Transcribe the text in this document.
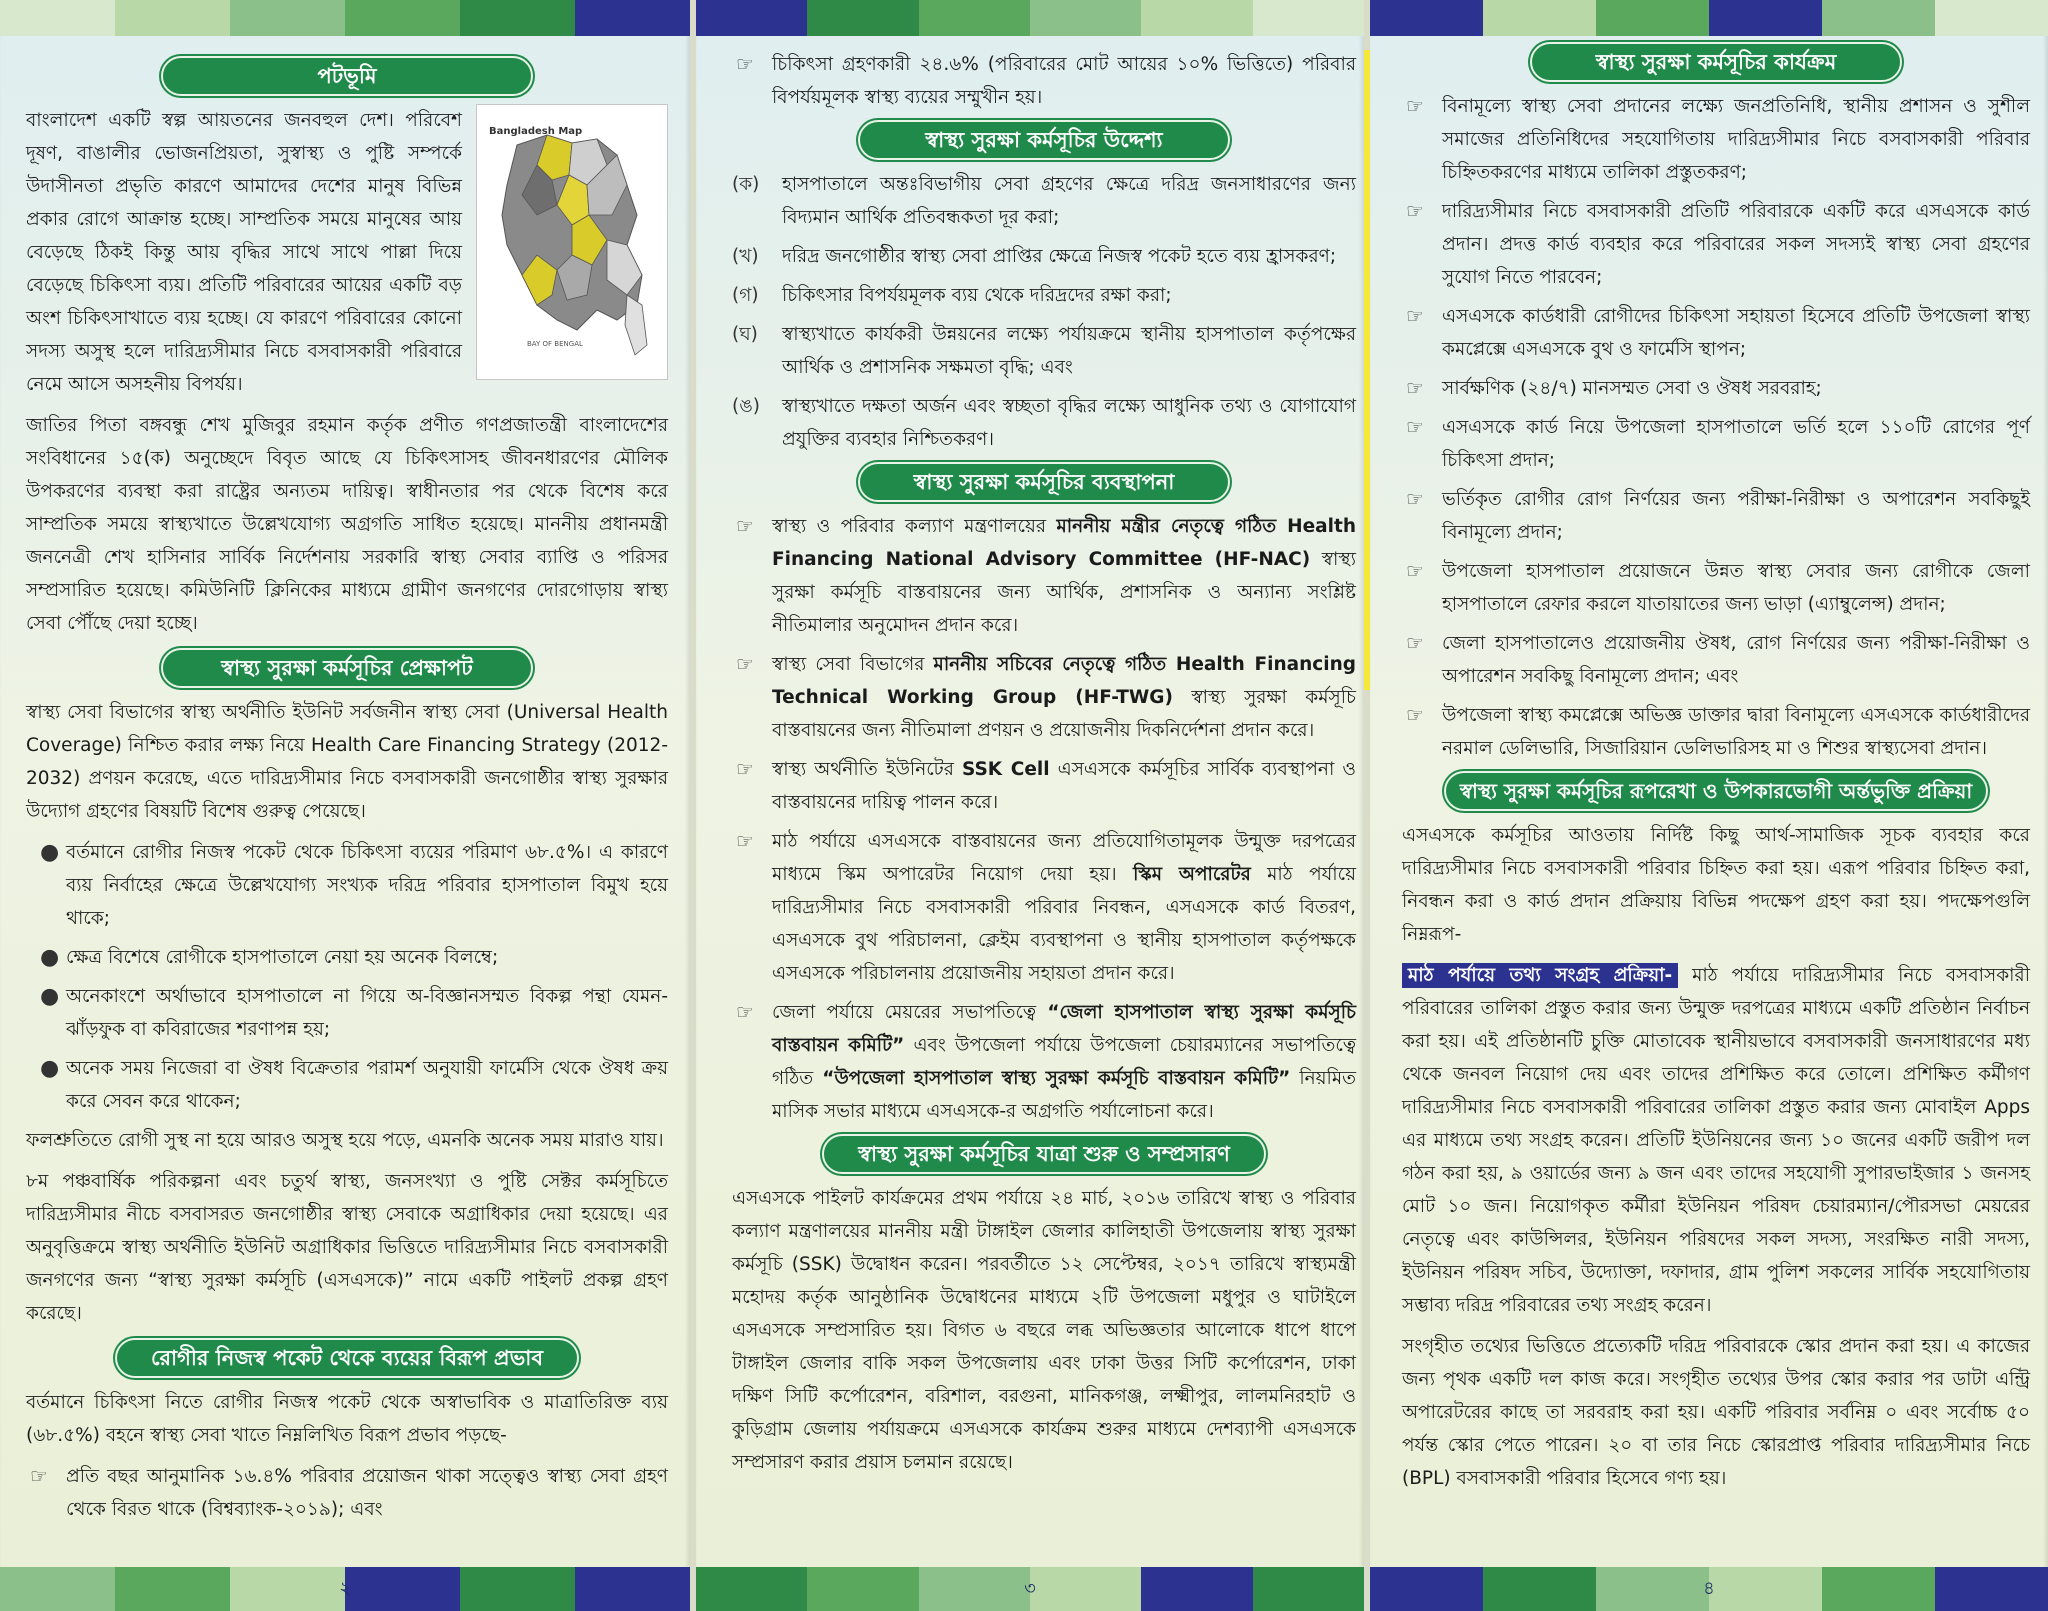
পটভূমি
Bangladesh Map
BAY OF BENGAL

বাংলাদেশ একটি স্বল্প আয়তনের জনবহুল দেশ। পরিবেশ দূষণ, বাঙালীর ভোজনপ্রিয়তা, সুস্বাস্থ্য ও পুষ্টি সম্পর্কে উদাসীনতা প্রভৃতি কারণে আমাদের দেশের মানুষ বিভিন্ন প্রকার রোগে আক্রান্ত হচ্ছে। সাম্প্রতিক সময়ে মানুষের আয় বেড়েছে ঠিকই কিন্তু আয় বৃদ্ধির সাথে সাথে পাল্লা দিয়ে বেড়েছে চিকিৎসা ব্যয়। প্রতিটি পরিবারের আয়ের একটি বড় অংশ চিকিৎসাখাতে ব্যয় হচ্ছে। যে কারণে পরিবারের কোনো সদস্য অসুস্থ হলে দারিদ্র্যসীমার নিচে বসবাসকারী পরিবারে নেমে আসে অসহনীয় বিপর্যয়।

জাতির পিতা বঙ্গবন্ধু শেখ মুজিবুর রহমান কর্তৃক প্রণীত গণপ্রজাতন্ত্রী বাংলাদেশের সংবিধানের ১৫(ক) অনুচ্ছেদে বিবৃত আছে যে চিকিৎসাসহ জীবনধারণের মৌলিক উপকরণের ব্যবস্থা করা রাষ্ট্রের অন্যতম দায়িত্ব। স্বাধীনতার পর থেকে বিশেষ করে সাম্প্রতিক সময়ে স্বাস্থ্যখাতে উল্লেখযোগ্য অগ্রগতি সাধিত হয়েছে। মাননীয় প্রধানমন্ত্রী জননেত্রী শেখ হাসিনার সার্বিক নির্দেশনায় সরকারি স্বাস্থ্য সেবার ব্যাপ্তি ও পরিসর সম্প্রসারিত হয়েছে। কমিউনিটি ক্লিনিকের মাধ্যমে গ্রামীণ জনগণের দোরগোড়ায় স্বাস্থ্য সেবা পৌঁছে দেয়া হচ্ছে।

স্বাস্থ্য সুরক্ষা কর্মসূচির প্রেক্ষাপট

স্বাস্থ্য সেবা বিভাগের স্বাস্থ্য অর্থনীতি ইউনিট সর্বজনীন স্বাস্থ্য সেবা (Universal Health Coverage) নিশ্চিত করার লক্ষ্য নিয়ে Health Care Financing Strategy (2012-2032) প্রণয়ন করেছে, এতে দারিদ্র্যসীমার নিচে বসবাসকারী জনগোষ্ঠীর স্বাস্থ্য সুরক্ষার উদ্যোগ গ্রহণের বিষয়টি বিশেষ গুরুত্ব পেয়েছে।

● বর্তমানে রোগীর নিজস্ব পকেট থেকে চিকিৎসা ব্যয়ের পরিমাণ ৬৮.৫%। এ কারণে ব্যয় নির্বাহের ক্ষেত্রে উল্লেখযোগ্য সংখ্যক দরিদ্র পরিবার হাসপাতাল বিমুখ হয়ে থাকে;
● ক্ষেত্র বিশেষে রোগীকে হাসপাতালে নেয়া হয় অনেক বিলম্বে;
● অনেকাংশে অর্থাভাবে হাসপাতালে না গিয়ে অ-বিজ্ঞানসম্মত বিকল্প পন্থা যেমন- ঝাঁড়ফুক বা কবিরাজের শরণাপন্ন হয়;
● অনেক সময় নিজেরা বা ঔষধ বিক্রেতার পরামর্শ অনুযায়ী ফার্মেসি থেকে ঔষধ ক্রয় করে সেবন করে থাকেন;

ফলশ্রুতিতে রোগী সুস্থ না হয়ে আরও অসুস্থ হয়ে পড়ে, এমনকি অনেক সময় মারাও যায়।

৮ম পঞ্চবার্ষিক পরিকল্পনা এবং চতুর্থ স্বাস্থ্য, জনসংখ্যা ও পুষ্টি সেক্টর কর্মসূচিতে দারিদ্র্যসীমার নীচে বসবাসরত জনগোষ্ঠীর স্বাস্থ্য সেবাকে অগ্রাধিকার দেয়া হয়েছে। এর অনুবৃত্তিক্রমে স্বাস্থ্য অর্থনীতি ইউনিট অগ্রাধিকার ভিত্তিতে দারিদ্র্যসীমার নিচে বসবাসকারী জনগণের জন্য “স্বাস্থ্য সুরক্ষা কর্মসূচি (এসএসকে)” নামে একটি পাইলট প্রকল্প গ্রহণ করেছে।

রোগীর নিজস্ব পকেট থেকে ব্যয়ের বিরূপ প্রভাব

বর্তমানে চিকিৎসা নিতে রোগীর নিজস্ব পকেট থেকে অস্বাভাবিক ও মাত্রাতিরিক্ত ব্যয় (৬৮.৫%) বহনে স্বাস্থ্য সেবা খাতে নিম্নলিখিত বিরূপ প্রভাব পড়ছে-

☞ প্রতি বছর আনুমানিক ১৬.৪% পরিবার প্রয়োজন থাকা সত্ত্বেও স্বাস্থ্য সেবা গ্রহণ থেকে বিরত থাকে (বিশ্বব্যাংক-২০১৯); এবং
২
☞ চিকিৎসা গ্রহণকারী ২৪.৬% (পরিবারের মোট আয়ের ১০% ভিত্তিতে) পরিবার বিপর্যয়মূলক স্বাস্থ্য ব্যয়ের সম্মুখীন হয়।
স্বাস্থ্য সুরক্ষা কর্মসূচির উদ্দেশ্য
(ক)	হাসপাতালে অন্তঃবিভাগীয় সেবা গ্রহণের ক্ষেত্রে দরিদ্র জনসাধারণের জন্য বিদ্যমান আর্থিক প্রতিবন্ধকতা দূর করা;
(খ)	দরিদ্র জনগোষ্ঠীর স্বাস্থ্য সেবা প্রাপ্তির ক্ষেত্রে নিজস্ব পকেট হতে ব্যয় হ্রাসকরণ;
(গ)	চিকিৎসার বিপর্যয়মূলক ব্যয় থেকে দরিদ্রদের রক্ষা করা;
(ঘ)	স্বাস্থ্যখাতে কার্যকরী উন্নয়নের লক্ষ্যে পর্যায়ক্রমে স্থানীয় হাসপাতাল কর্তৃপক্ষের আর্থিক ও প্রশাসনিক সক্ষমতা বৃদ্ধি; এবং
(ঙ)	স্বাস্থ্যখাতে দক্ষতা অর্জন এবং স্বচ্ছতা বৃদ্ধির লক্ষ্যে আধুনিক তথ্য ও যোগাযোগ প্রযুক্তির ব্যবহার নিশ্চিতকরণ।
স্বাস্থ্য সুরক্ষা কর্মসূচির ব্যবস্থাপনা
☞ স্বাস্থ্য ও পরিবার কল্যাণ মন্ত্রণালয়ের মাননীয় মন্ত্রীর নেতৃত্বে গঠিত Health Financing National Advisory Committee (HF-NAC) স্বাস্থ্য সুরক্ষা কর্মসূচি বাস্তবায়নের জন্য আর্থিক, প্রশাসনিক ও অন্যান্য সংশ্লিষ্ট নীতিমালার অনুমোদন প্রদান করে।
☞ স্বাস্থ্য সেবা বিভাগের মাননীয় সচিবের নেতৃত্বে গঠিত Health Financing Technical Working Group (HF-TWG) স্বাস্থ্য সুরক্ষা কর্মসূচি বাস্তবায়নের জন্য নীতিমালা প্রণয়ন ও প্রয়োজনীয় দিকনির্দেশনা প্রদান করে।
☞ স্বাস্থ্য অর্থনীতি ইউনিটের SSK Cell এসএসকে কর্মসূচির সার্বিক ব্যবস্থাপনা ও বাস্তবায়নের দায়িত্ব পালন করে।
☞ মাঠ পর্যায়ে এসএসকে বাস্তবায়নের জন্য প্রতিযোগিতামূলক উন্মুক্ত দরপত্রের মাধ্যমে স্কিম অপারেটর নিয়োগ দেয়া হয়। স্কিম অপারেটর মাঠ পর্যায়ে দারিদ্র্যসীমার নিচে বসবাসকারী পরিবার নিবন্ধন, এসএসকে কার্ড বিতরণ, এসএসকে বুথ পরিচালনা, ক্লেইম ব্যবস্থাপনা ও স্থানীয় হাসপাতাল কর্তৃপক্ষকে এসএসকে পরিচালনায় প্রয়োজনীয় সহায়তা প্রদান করে।
☞ জেলা পর্যায়ে মেয়রের সভাপতিত্বে “জেলা হাসপাতাল স্বাস্থ্য সুরক্ষা কর্মসূচি বাস্তবায়ন কমিটি” এবং উপজেলা পর্যায়ে উপজেলা চেয়ারম্যানের সভাপতিত্বে গঠিত “উপজেলা হাসপাতাল স্বাস্থ্য সুরক্ষা কর্মসূচি বাস্তবায়ন কমিটি” নিয়মিত মাসিক সভার মাধ্যমে এসএসকে-র অগ্রগতি পর্যালোচনা করে।
স্বাস্থ্য সুরক্ষা কর্মসূচির যাত্রা শুরু ও সম্প্রসারণ

এসএসকে পাইলট কার্যক্রমের প্রথম পর্যায়ে ২৪ মার্চ, ২০১৬ তারিখে স্বাস্থ্য ও পরিবার কল্যাণ মন্ত্রণালয়ের মাননীয় মন্ত্রী টাঙ্গাইল জেলার কালিহাতী উপজেলায় স্বাস্থ্য সুরক্ষা কর্মসূচি (SSK) উদ্বোধন করেন। পরবর্তীতে ১২ সেপ্টেম্বর, ২০১৭ তারিখে স্বাস্থ্যমন্ত্রী মহোদয় কর্তৃক আনুষ্ঠানিক উদ্বোধনের মাধ্যমে ২টি উপজেলা মধুপুর ও ঘাটাইলে এসএসকে সম্প্রসারিত হয়। বিগত ৬ বছরে লব্ধ অভিজ্ঞতার আলোকে ধাপে ধাপে টাঙ্গাইল জেলার বাকি সকল উপজেলায় এবং ঢাকা উত্তর সিটি কর্পোরেশন, ঢাকা দক্ষিণ সিটি কর্পোরেশন, বরিশাল, বরগুনা, মানিকগঞ্জ, লক্ষ্মীপুর, লালমনিরহাট ও কুড়িগ্রাম জেলায় পর্যায়ক্রমে এসএসকে কার্যক্রম শুরুর মাধ্যমে দেশব্যাপী এসএসকে সম্প্রসারণ করার প্রয়াস চলমান রয়েছে।

৩
স্বাস্থ্য সুরক্ষা কর্মসূচির কার্যক্রম
☞ বিনামূল্যে স্বাস্থ্য সেবা প্রদানের লক্ষ্যে জনপ্রতিনিধি, স্থানীয় প্রশাসন ও সুশীল সমাজের প্রতিনিধিদের সহযোগিতায় দারিদ্র্যসীমার নিচে বসবাসকারী পরিবার চিহ্নিতকরণের মাধ্যমে তালিকা প্রস্তুতকরণ;
☞ দারিদ্র্যসীমার নিচে বসবাসকারী প্রতিটি পরিবারকে একটি করে এসএসকে কার্ড প্রদান। প্রদত্ত কার্ড ব্যবহার করে পরিবারের সকল সদস্যই স্বাস্থ্য সেবা গ্রহণের সুযোগ নিতে পারবেন;
☞ এসএসকে কার্ডধারী রোগীদের চিকিৎসা সহায়তা হিসেবে প্রতিটি উপজেলা স্বাস্থ্য কমপ্লেক্সে এসএসকে বুথ ও ফার্মেসি স্থাপন;
☞ সার্বক্ষণিক (২৪/৭) মানসম্মত সেবা ও ঔষধ সরবরাহ;
☞ এসএসকে কার্ড নিয়ে উপজেলা হাসপাতালে ভর্তি হলে ১১০টি রোগের পূর্ণ চিকিৎসা প্রদান;
☞ ভর্তিকৃত রোগীর রোগ নির্ণয়ের জন্য পরীক্ষা-নিরীক্ষা ও অপারেশন সবকিছুই বিনামূল্যে প্রদান;
☞ উপজেলা হাসপাতাল প্রয়োজনে উন্নত স্বাস্থ্য সেবার জন্য রোগীকে জেলা হাসপাতালে রেফার করলে যাতায়াতের জন্য ভাড়া (এ্যাম্বুলেন্স) প্রদান;
☞ জেলা হাসপাতালেও প্রয়োজনীয় ঔষধ, রোগ নির্ণয়ের জন্য পরীক্ষা-নিরীক্ষা ও অপারেশন সবকিছু বিনামূল্যে প্রদান; এবং
☞ উপজেলা স্বাস্থ্য কমপ্লেক্সে অভিজ্ঞ ডাক্তার দ্বারা বিনামূল্যে এসএসকে কার্ডধারীদের নরমাল ডেলিভারি, সিজারিয়ান ডেলিভারিসহ মা ও শিশুর স্বাস্থ্যসেবা প্রদান।
স্বাস্থ্য সুরক্ষা কর্মসূচির রূপরেখা ও উপকারভোগী অর্ন্তভুক্তি প্রক্রিয়া

এসএসকে কর্মসূচির আওতায় নির্দিষ্ট কিছু আর্থ-সামাজিক সূচক ব্যবহার করে দারিদ্র্যসীমার নিচে বসবাসকারী পরিবার চিহ্নিত করা হয়। এরূপ পরিবার চিহ্নিত করা, নিবন্ধন করা ও কার্ড প্রদান প্রক্রিয়ায় বিভিন্ন পদক্ষেপ গ্রহণ করা হয়। পদক্ষেপগুলি নিম্নরূপ-

মাঠ পর্যায়ে তথ্য সংগ্রহ প্রক্রিয়া- মাঠ পর্যায়ে দারিদ্র্যসীমার নিচে বসবাসকারী পরিবারের তালিকা প্রস্তুত করার জন্য উন্মুক্ত দরপত্রের মাধ্যমে একটি প্রতিষ্ঠান নির্বাচন করা হয়। এই প্রতিষ্ঠানটি চুক্তি মোতাবেক স্থানীয়ভাবে বসবাসকারী জনসাধারণের মধ্য থেকে জনবল নিয়োগ দেয় এবং তাদের প্রশিক্ষিত করে তোলে। প্রশিক্ষিত কর্মীগণ দারিদ্র্যসীমার নিচে বসবাসকারী পরিবারের তালিকা প্রস্তুত করার জন্য মোবাইল Apps এর মাধ্যমে তথ্য সংগ্রহ করেন। প্রতিটি ইউনিয়নের জন্য ১০ জনের একটি জরীপ দল গঠন করা হয়, ৯ ওয়ার্ডের জন্য ৯ জন এবং তাদের সহযোগী সুপারভাইজার ১ জনসহ মোট ১০ জন। নিয়োগকৃত কর্মীরা ইউনিয়ন পরিষদ চেয়ারম্যান/পৌরসভা মেয়রের নেতৃত্বে এবং কাউন্সিলর, ইউনিয়ন পরিষদের সকল সদস্য, সংরক্ষিত নারী সদস্য, ইউনিয়ন পরিষদ সচিব, উদ্যোক্তা, দফাদার, গ্রাম পুলিশ সকলের সার্বিক সহযোগিতায় সম্ভাব্য দরিদ্র পরিবারের তথ্য সংগ্রহ করেন।

সংগৃহীত তথ্যের ভিত্তিতে প্রত্যেকটি দরিদ্র পরিবারকে স্কোর প্রদান করা হয়। এ কাজের জন্য পৃথক একটি দল কাজ করে। সংগৃহীত তথ্যের উপর স্কোর করার পর ডাটা এন্ট্রি অপারেটরের কাছে তা সরবরাহ করা হয়। একটি পরিবার সর্বনিম্ন ০ এবং সর্বোচ্চ ৫০ পর্যন্ত স্কোর পেতে পারেন। ২০ বা তার নিচে স্কোরপ্রাপ্ত পরিবার দারিদ্র্যসীমার নিচে (BPL) বসবাসকারী পরিবার হিসেবে গণ্য হয়।

৪
